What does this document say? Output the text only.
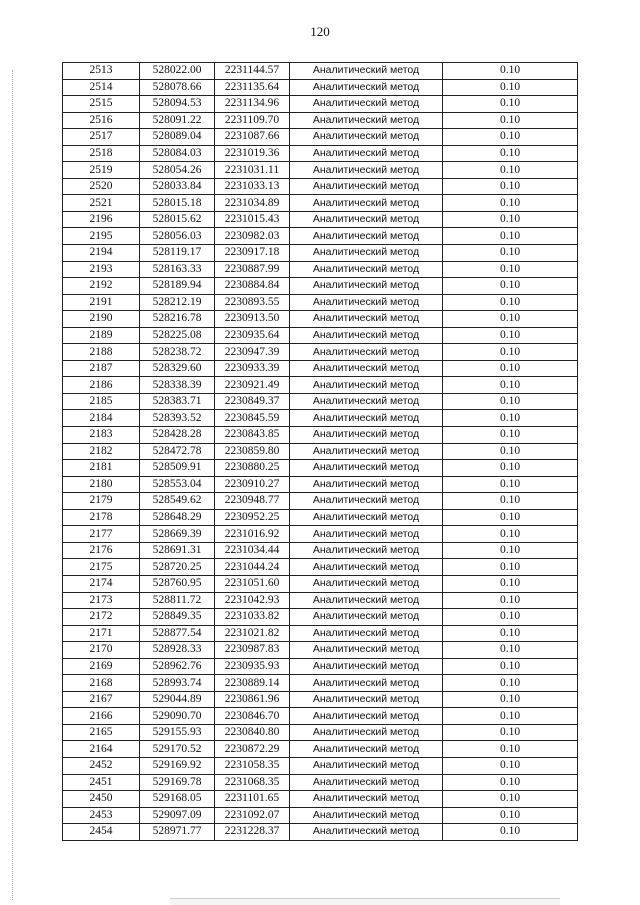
120
2513	528022.00	2231144.57	Аналитический метод	0.10
2514	528078.66	2231135.64	Аналитический метод	0.10
2515	528094.53	2231134.96	Аналитический метод	0.10
2516	528091.22	2231109.70	Аналитический метод	0.10
2517	528089.04	2231087.66	Аналитический метод	0.10
2518	528084.03	2231019.36	Аналитический метод	0.10
2519	528054.26	2231031.11	Аналитический метод	0.10
2520	528033.84	2231033.13	Аналитический метод	0.10
2521	528015.18	2231034.89	Аналитический метод	0.10
2196	528015.62	2231015.43	Аналитический метод	0.10
2195	528056.03	2230982.03	Аналитический метод	0.10
2194	528119.17	2230917.18	Аналитический метод	0.10
2193	528163.33	2230887.99	Аналитический метод	0.10
2192	528189.94	2230884.84	Аналитический метод	0.10
2191	528212.19	2230893.55	Аналитический метод	0.10
2190	528216.78	2230913.50	Аналитический метод	0.10
2189	528225.08	2230935.64	Аналитический метод	0.10
2188	528238.72	2230947.39	Аналитический метод	0.10
2187	528329.60	2230933.39	Аналитический метод	0.10
2186	528338.39	2230921.49	Аналитический метод	0.10
2185	528383.71	2230849.37	Аналитический метод	0.10
2184	528393.52	2230845.59	Аналитический метод	0.10
2183	528428.28	2230843.85	Аналитический метод	0.10
2182	528472.78	2230859.80	Аналитический метод	0.10
2181	528509.91	2230880.25	Аналитический метод	0.10
2180	528553.04	2230910.27	Аналитический метод	0.10
2179	528549.62	2230948.77	Аналитический метод	0.10
2178	528648.29	2230952.25	Аналитический метод	0.10
2177	528669.39	2231016.92	Аналитический метод	0.10
2176	528691.31	2231034.44	Аналитический метод	0.10
2175	528720.25	2231044.24	Аналитический метод	0.10
2174	528760.95	2231051.60	Аналитический метод	0.10
2173	528811.72	2231042.93	Аналитический метод	0.10
2172	528849.35	2231033.82	Аналитический метод	0.10
2171	528877.54	2231021.82	Аналитический метод	0.10
2170	528928.33	2230987.83	Аналитический метод	0.10
2169	528962.76	2230935.93	Аналитический метод	0.10
2168	528993.74	2230889.14	Аналитический метод	0.10
2167	529044.89	2230861.96	Аналитический метод	0.10
2166	529090.70	2230846.70	Аналитический метод	0.10
2165	529155.93	2230840.80	Аналитический метод	0.10
2164	529170.52	2230872.29	Аналитический метод	0.10
2452	529169.92	2231058.35	Аналитический метод	0.10
2451	529169.78	2231068.35	Аналитический метод	0.10
2450	529168.05	2231101.65	Аналитический метод	0.10
2453	529097.09	2231092.07	Аналитический метод	0.10
2454	528971.77	2231228.37	Аналитический метод	0.10
